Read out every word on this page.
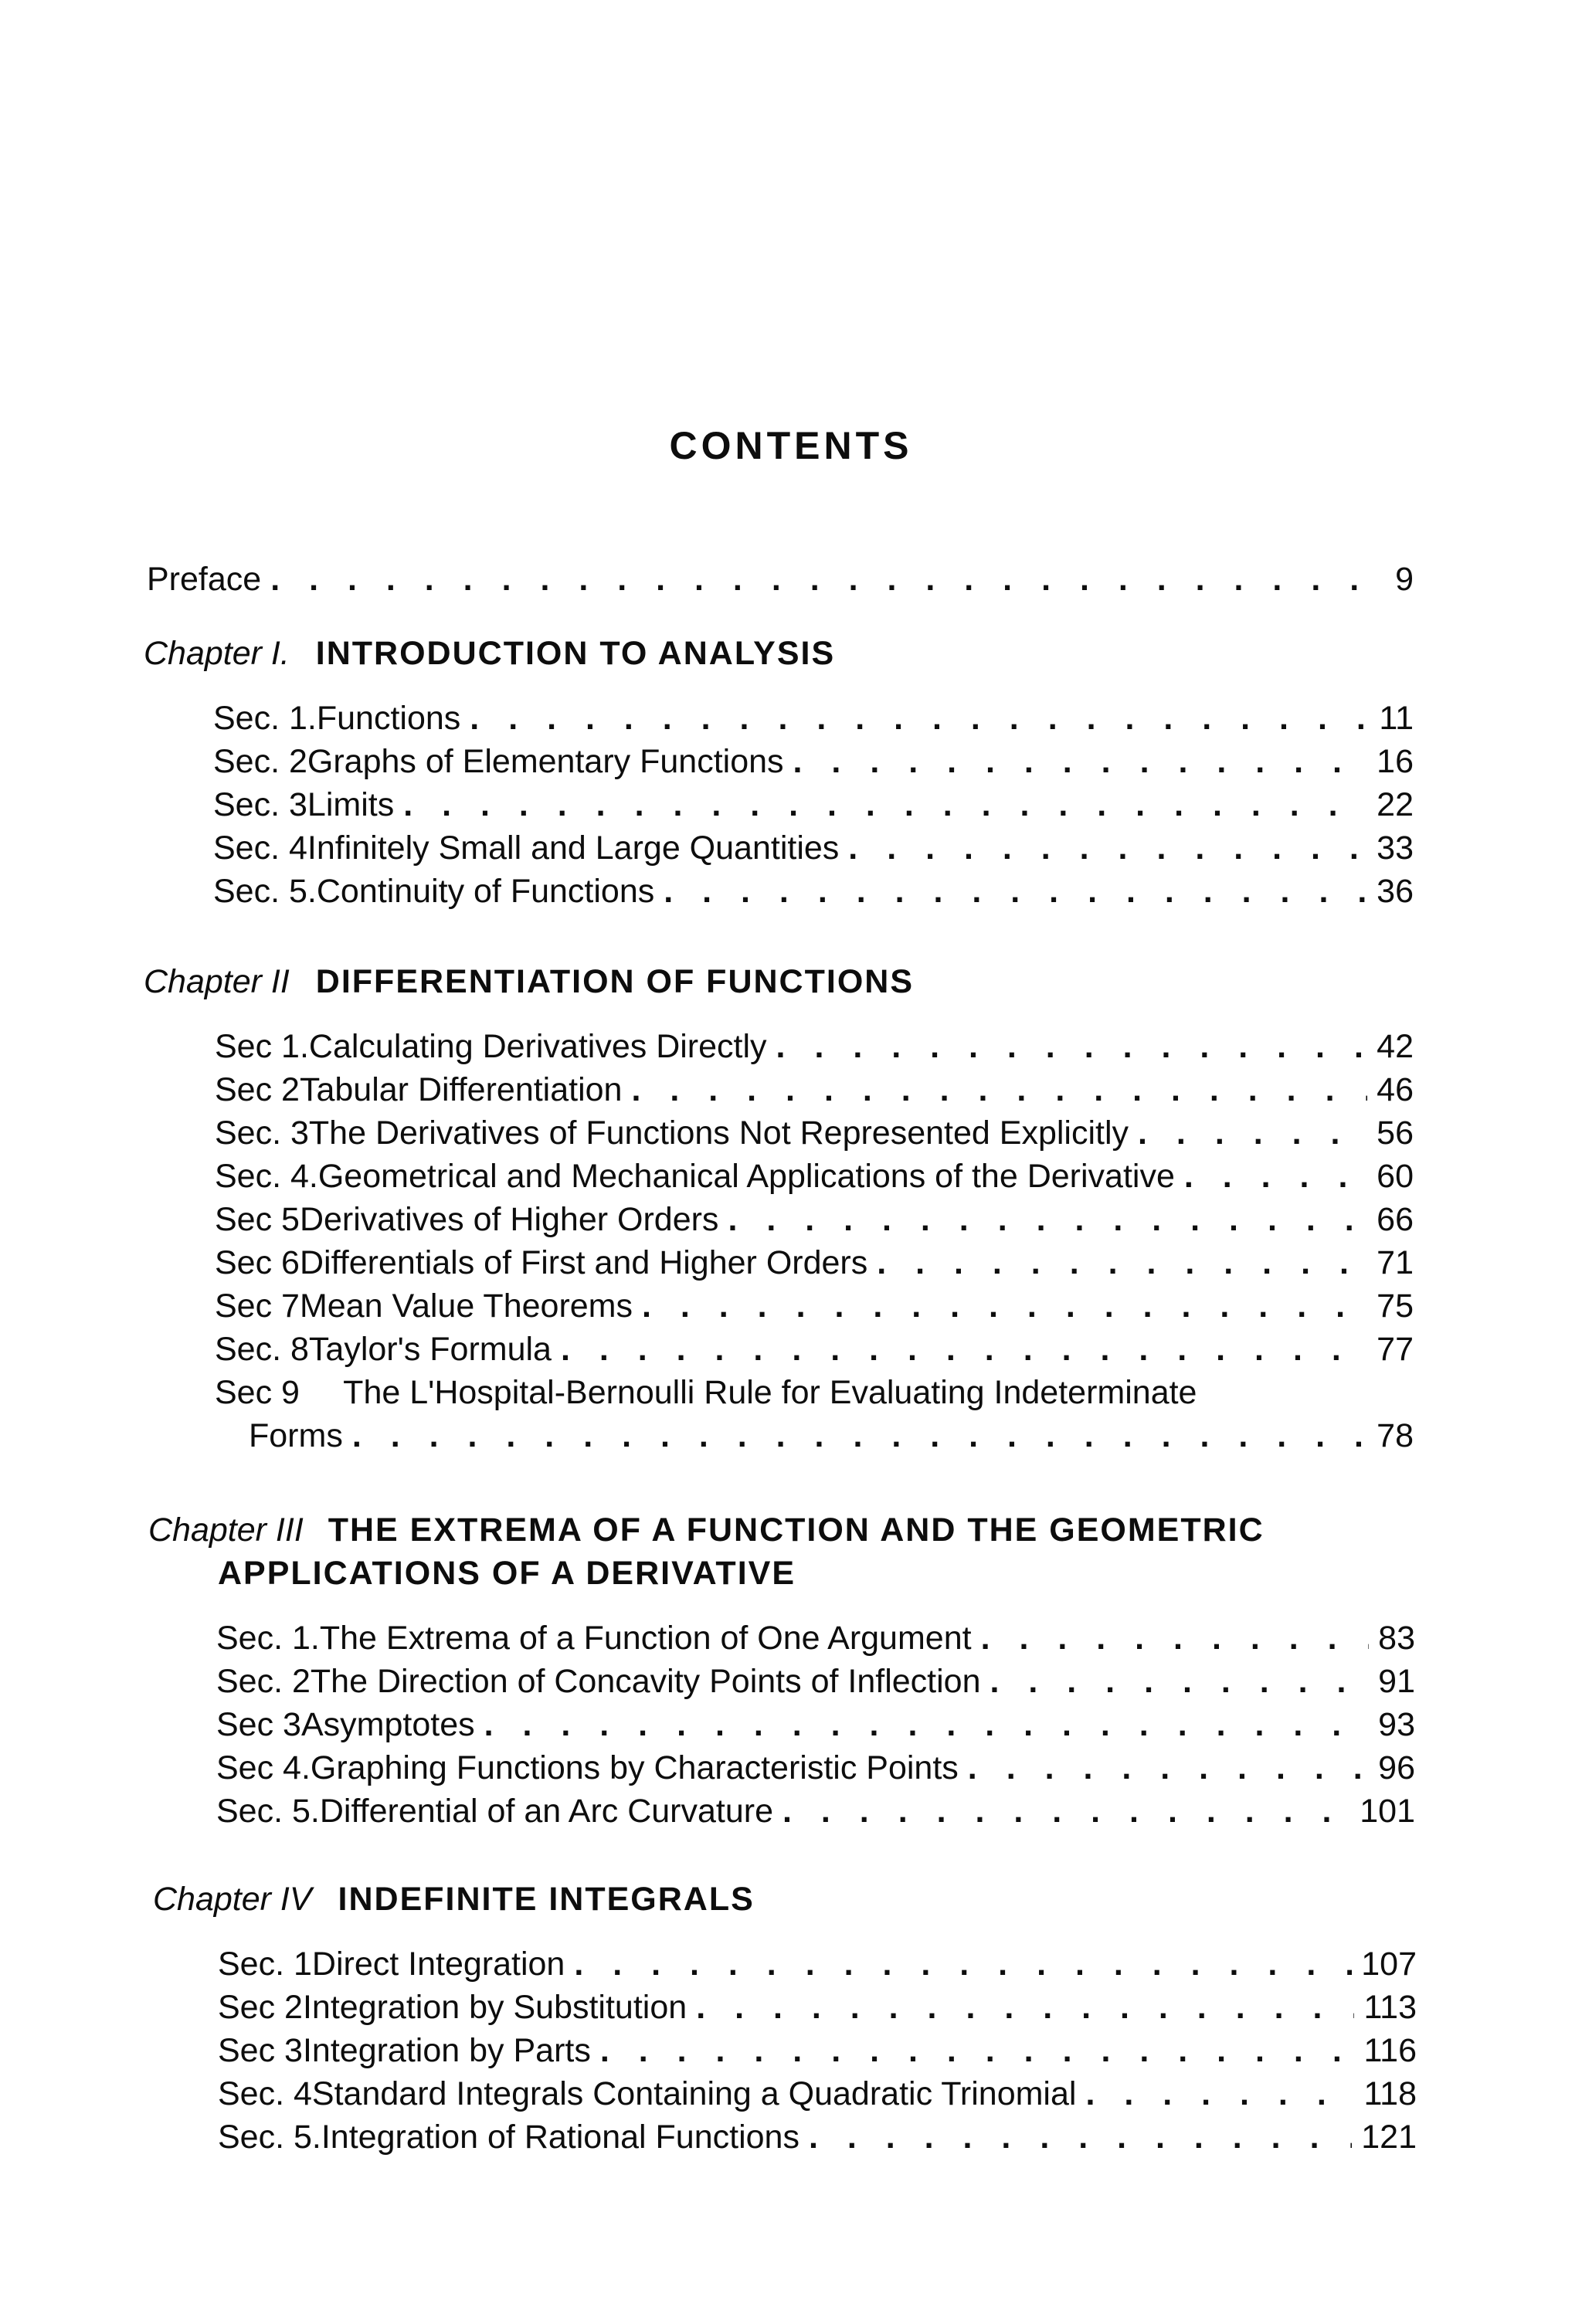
CONTENTS
Preface . . .	9
Chapter I. INTRODUCTION TO ANALYSIS
Sec. 1. Functions . . .	11
Sec. 2 Graphs of Elementary Functions . . .	16
Sec. 3 Limits . . .	22
Sec. 4 Infinitely Small and Large Quantities . . .	33
Sec. 5. Continuity of Functions . . .	36
Chapter II DIFFERENTIATION OF FUNCTIONS
Sec 1. Calculating Derivatives Directly . . .	42
Sec 2 Tabular Differentiation . . .	46
Sec. 3 The Derivatives of Functions Not Represented Explicitly . . .	56
Sec. 4. Geometrical and Mechanical Applications of the Derivative . . .	60
Sec 5 Derivatives of Higher Orders . . .	66
Sec 6 Differentials of First and Higher Orders . . .	71
Sec 7 Mean Value Theorems . . .	75
Sec. 8 Taylor's Formula . . .	77
Sec 9 The L'Hospital-Bernoulli Rule for Evaluating Indeterminate
Forms . . .	78
Chapter III THE EXTREMA OF A FUNCTION AND THE GEOMETRIC
APPLICATIONS OF A DERIVATIVE
Sec. 1. The Extrema of a Function of One Argument . . .	83
Sec. 2 The Direction of Concavity Points of Inflection . . .	91
Sec 3 Asymptotes . . .	93
Sec 4. Graphing Functions by Characteristic Points . . .	96
Sec. 5. Differential of an Arc Curvature . . .	101
Chapter IV INDEFINITE INTEGRALS
Sec. 1 Direct Integration . . .	107
Sec 2 Integration by Substitution . . .	113
Sec 3 Integration by Parts . . .	116
Sec. 4 Standard Integrals Containing a Quadratic Trinomial . . .	118
Sec. 5. Integration of Rational Functions . . .	121
